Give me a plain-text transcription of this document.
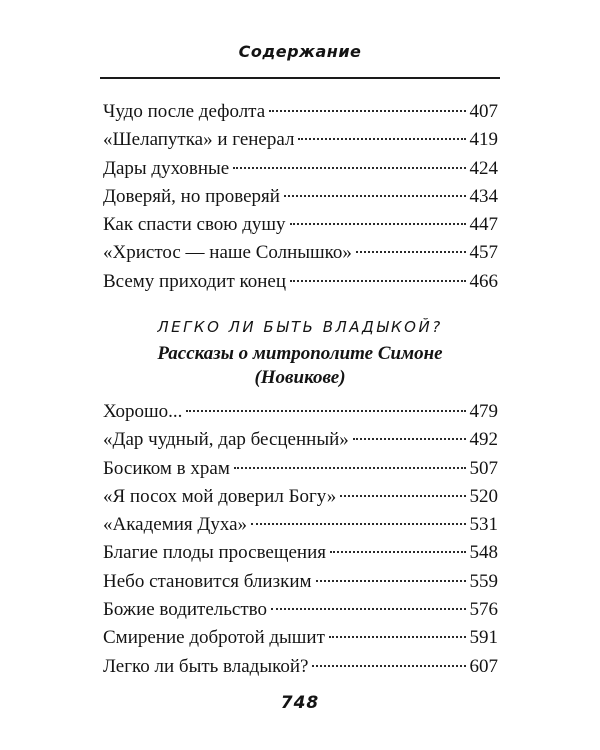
Содержание
Чудо после дефолта	407
«Шелапутка» и генерал	419
Дары духовные	424
Доверяй, но проверяй	434
Как спасти свою душу	447
«Христос — наше Солнышко»	457
Всему приходит конец	466
ЛЕГКО ЛИ БЫТЬ ВЛАДЫКОЙ?
Рассказы о митрополите Симоне
(Новикове)
Хорошо...	479
«Дар чудный, дар бесценный»	492
Босиком в храм	507
«Я посох мой доверил Богу»	520
«Академия Духа»	531
Благие плоды просвещения	548
Небо становится близким	559
Божие водительство	576
Смирение добротой дышит	591
Легко ли быть владыкой?	607
748
